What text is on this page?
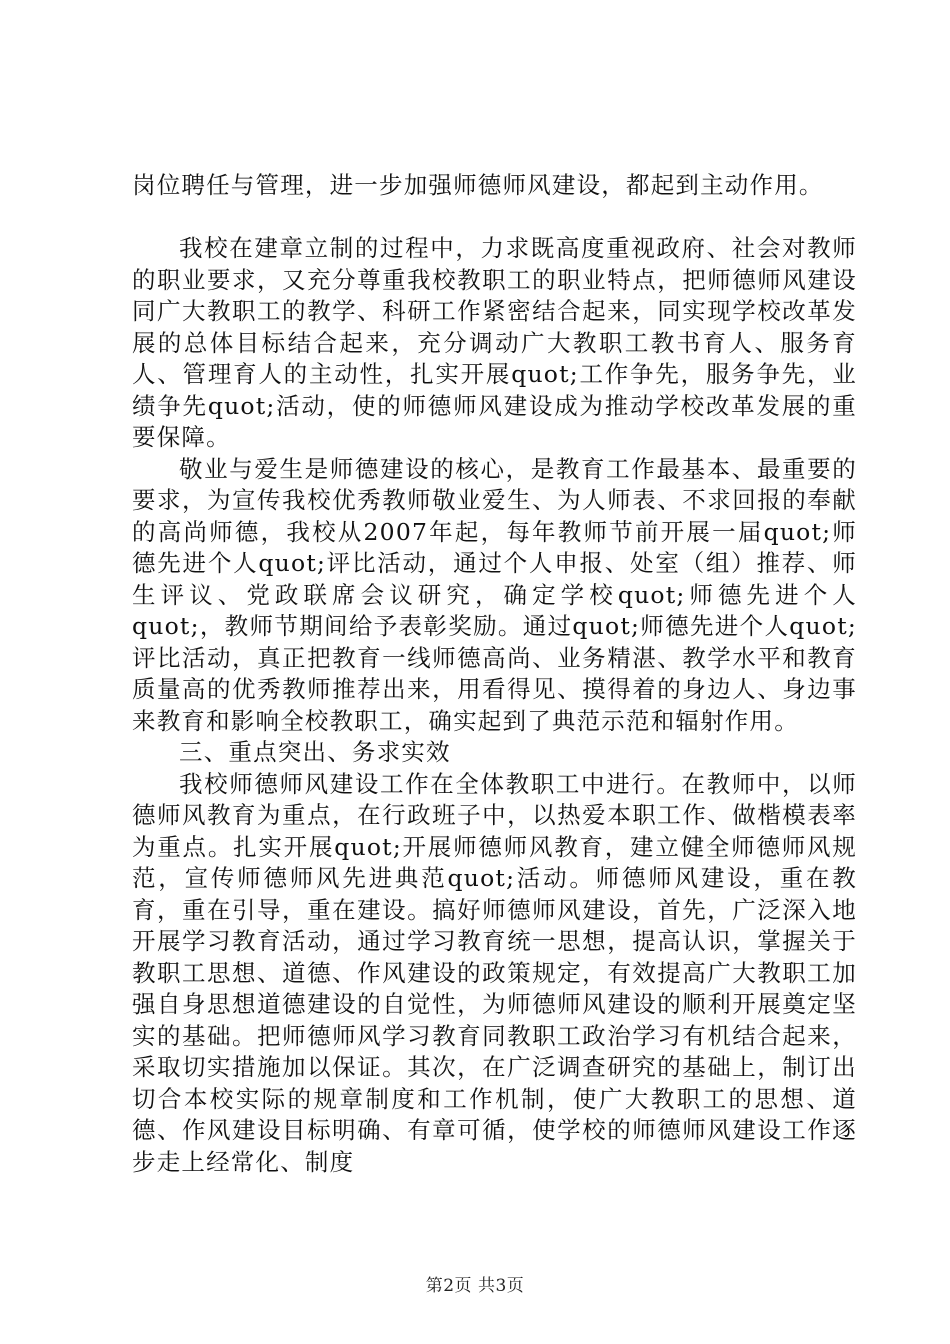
岗位聘任与管理，进一步加强师德师风建设，都起到主动作用。

我校在建章立制的过程中，力求既高度重视政府、社会对教师的职业要求，又充分尊重我校教职工的职业特点，把师德师风建设同广大教职工的教学、科研工作紧密结合起来，同实现学校改革发展的总体目标结合起来，充分调动广大教职工教书育人、服务育人、管理育人的主动性，扎实开展quot;工作争先，服务争先，业绩争先quot;活动，使的师德师风建设成为推动学校改革发展的重要保障。

敬业与爱生是师德建设的核心，是教育工作最基本、最重要的要求，为宣传我校优秀教师敬业爱生、为人师表、不求回报的奉献的高尚师德，我校从2007年起，每年教师节前开展一届quot;师德先进个人quot;评比活动，通过个人申报、处室（组）推荐、师生评议、党政联席会议研究，确定学校quot;师德先进个人quot;，教师节期间给予表彰奖励。通过quot;师德先进个人quot;评比活动，真正把教育一线师德高尚、业务精湛、教学水平和教育质量高的优秀教师推荐出来，用看得见、摸得着的身边人、身边事来教育和影响全校教职工，确实起到了典范示范和辐射作用。

三、重点突出、务求实效

我校师德师风建设工作在全体教职工中进行。在教师中，以师德师风教育为重点，在行政班子中，以热爱本职工作、做楷模表率为重点。扎实开展quot;开展师德师风教育，建立健全师德师风规范，宣传师德师风先进典范quot;活动。师德师风建设，重在教育，重在引导，重在建设。搞好师德师风建设，首先，广泛深入地开展学习教育活动，通过学习教育统一思想，提高认识，掌握关于教职工思想、道德、作风建设的政策规定，有效提高广大教职工加强自身思想道德建设的自觉性，为师德师风建设的顺利开展奠定坚实的基础。把师德师风学习教育同教职工政治学习有机结合起来，采取切实措施加以保证。其次，在广泛调查研究的基础上，制订出切合本校实际的规章制度和工作机制，使广大教职工的思想、道德、作风建设目标明确、有章可循，使学校的师德师风建设工作逐步走上经常化、制度

第2页 共3页
